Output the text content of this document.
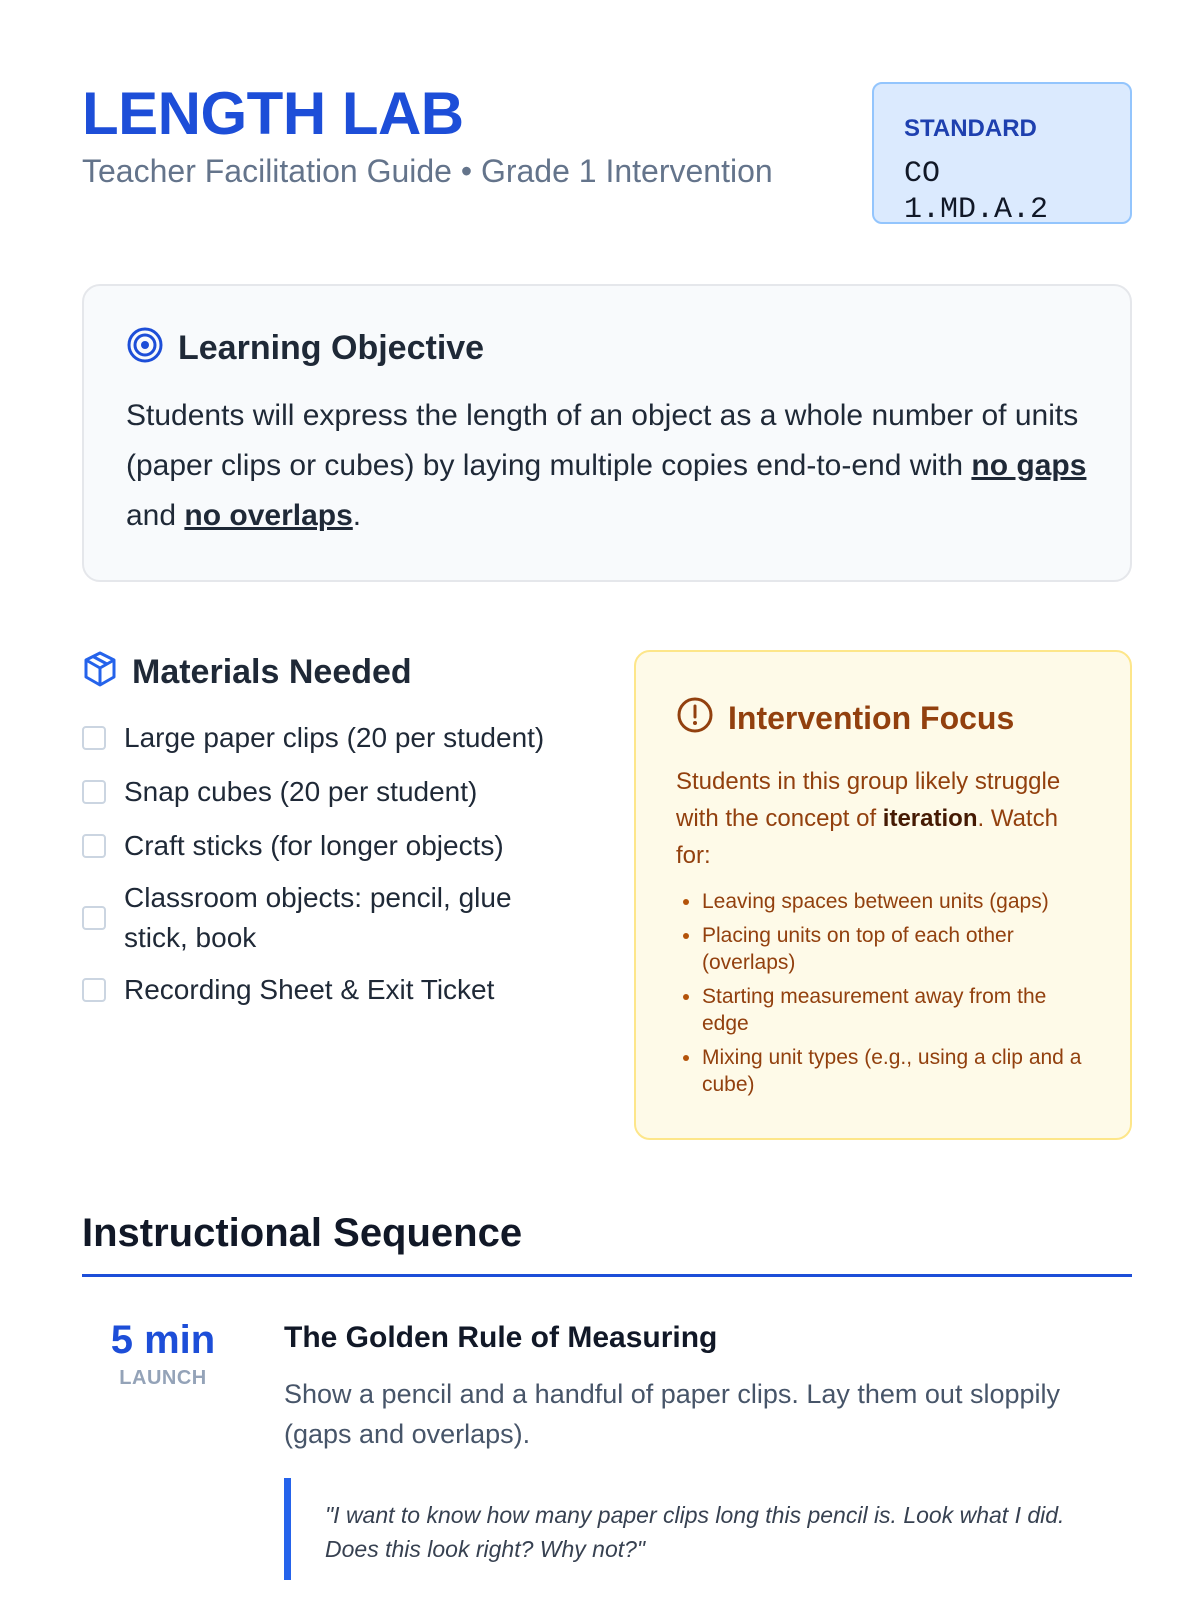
LENGTH LAB
Teacher Facilitation Guide • Grade 1 Intervention
STANDARD
CO 1.MD.A.2
Learning Objective
Students will express the length of an object as a whole number of units (paper clips or cubes) by laying multiple copies end-to-end with no gaps and no overlaps.
Materials Needed
Large paper clips (20 per student)
Snap cubes (20 per student)
Craft sticks (for longer objects)
Classroom objects: pencil, glue stick, book
Recording Sheet & Exit Ticket
Intervention Focus
Students in this group likely struggle with the concept of iteration. Watch for:
• Leaving spaces between units (gaps)
• Placing units on top of each other (overlaps)
• Starting measurement away from the edge
• Mixing unit types (e.g., using a clip and a cube)
Instructional Sequence
5 min
LAUNCH
The Golden Rule of Measuring
Show a pencil and a handful of paper clips. Lay them out sloppily (gaps and overlaps).
"I want to know how many paper clips long this pencil is. Look what I did. Does this look right? Why not?"
